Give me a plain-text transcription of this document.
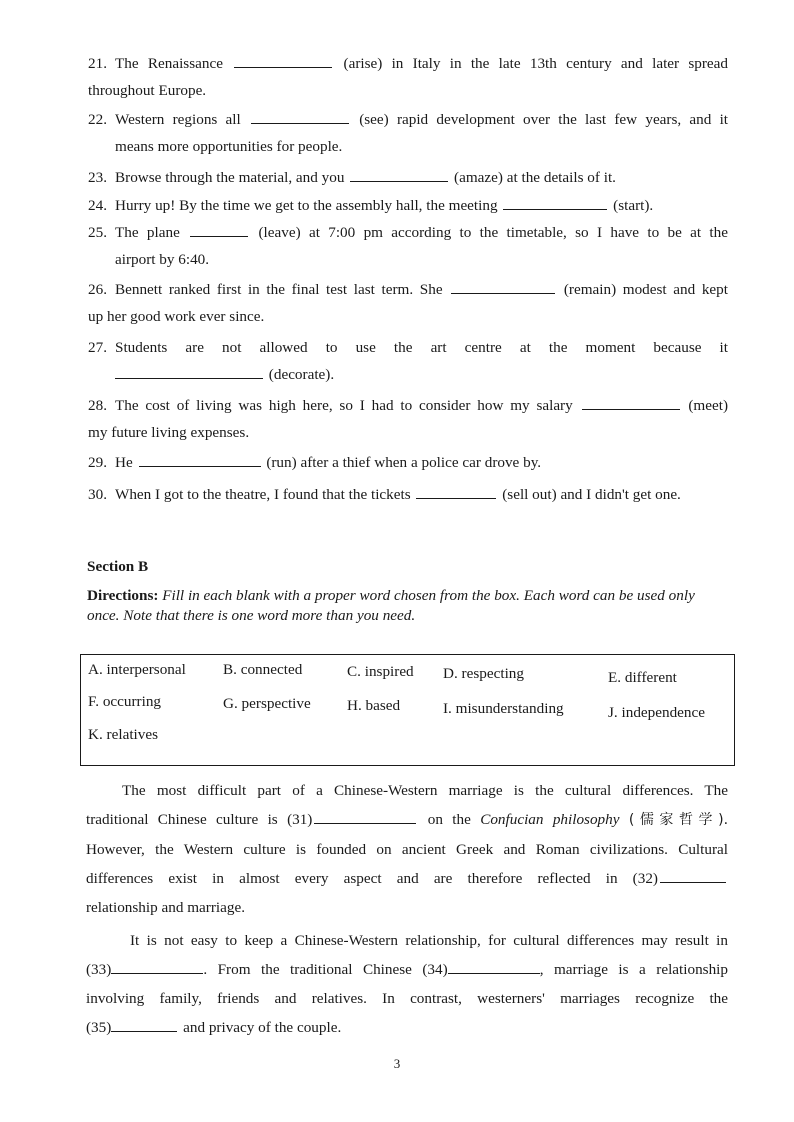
21. The Renaissance	(arise) in Italy in the late 13th century and later spread
throughout Europe.
22. Western regions all	(see) rapid development over the last few years, and it
means more opportunities for people.
23. Browse through the material, and you	(amaze) at the details of it.
24. Hurry up! By the time we get to the assembly hall, the meeting	(start).
25. The plane	(leave) at 7:00 pm according to the timetable, so I have to be at the
airport by 6:40.
26. Bennett ranked first in the final test last term. She	(remain) modest and kept
up her good work ever since.
27. Students are not allowed to use the art centre at the moment because it
(decorate).
28. The cost of living was high here, so I had to consider how my salary	(meet)
my future living expenses.
29. He	(run) after a thief when a police car drove by.
30. When I got to the theatre, I found that the tickets	(sell out) and I didn't get one.
Section B
Directions: Fill in each blank with a proper word chosen from the box. Each word can be used only once. Note that there is one word more than you need.
A. interpersonal B. connected	C. inspired D. respecting	E. different
F. occurring	G. perspective H. based	I. misunderstanding	J. independence
K. relatives
The most difficult part of a Chinese-Western marriage is the cultural differences. The
traditional Chinese culture is (31)	on the Confucian philosophy (儒家哲学).
However, the Western culture is founded on ancient Greek and Roman civilizations. Cultural
differences exist in almost every aspect and are therefore reflected in (32)
relationship and marriage.
It is not easy to keep a Chinese-Western relationship, for cultural differences may result in
(33)	. From the traditional Chinese (34)	, marriage is a relationship
involving family, friends and relatives. In contrast, westerners' marriages recognize the
(35)	and privacy of the couple.
3
